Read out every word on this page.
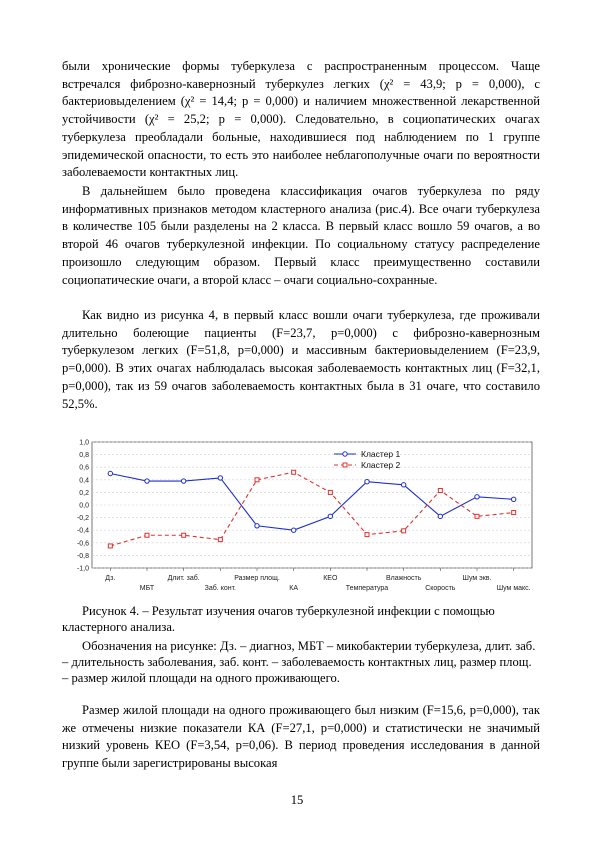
были хронические формы туберкулеза с распространенным процессом. Чаще встречался фиброзно-кавернозный туберкулез легких (χ² = 43,9; р = 0,000), с бактериовыделением (χ² = 14,4; р = 0,000) и наличием множественной лекарственной устойчивости (χ² = 25,2; р = 0,000). Следовательно, в социопатических очагах туберкулеза преобладали больные, находившиеся под наблюдением по 1 группе эпидемической опасности, то есть это наиболее неблагополучные очаги по вероятности заболеваемости контактных лиц.

В дальнейшем было проведена классификация очагов туберкулеза по ряду информативных признаков методом кластерного анализа (рис.4). Все очаги туберкулеза в количестве 105 были разделены на 2 класса. В первый класс вошло 59 очагов, а во второй 46 очагов туберкулезной инфекции. По социальному статусу распределение произошло следующим образом. Первый класс преимущественно составили социопатические очаги, а второй класс – очаги социально-сохранные.

Как видно из рисунка 4, в первый класс вошли очаги туберкулеза, где проживали длительно болеющие пациенты (F=23,7, р=0,000) с фиброзно-кавернозным туберкулезом легких (F=51,8, р=0,000) и массивным бактериовыделением (F=23,9, р=0,000). В этих очагах наблюдалась высокая заболеваемость контактных лиц (F=32,1, р=0,000), так из 59 очагов заболеваемость контактных была в 31 очаге, что составило 52,5%.

1,0
0,8
0,6
0,4
0,2
0,0
-0,2
-0,4
-0,6
-0,8
-1,0
Дз.
МБТ
Длит. заб.
Заб. конт.
Размер площ.
КА
КЕО
Температура
Влажность
Скорость
Шум экв.
Шум макс.
Кластер 1
Кластер 2

Рисунок 4. – Результат изучения очагов туберкулезной инфекции с помощью кластерного анализа.

Обозначения на рисунке: Дз. – диагноз, МБТ – микобактерии туберкулеза, длит. заб. – длительность заболевания, заб. конт. – заболеваемость контактных лиц, размер площ. – размер жилой площади на одного проживающего.

Размер жилой площади на одного проживающего был низким (F=15,6, р=0,000), так же отмечены низкие показатели КА (F=27,1, р=0,000) и статистически не значимый низкий уровень КЕО (F=3,54, р=0,06). В период проведения исследования в данной группе были зарегистрированы высокая

15
